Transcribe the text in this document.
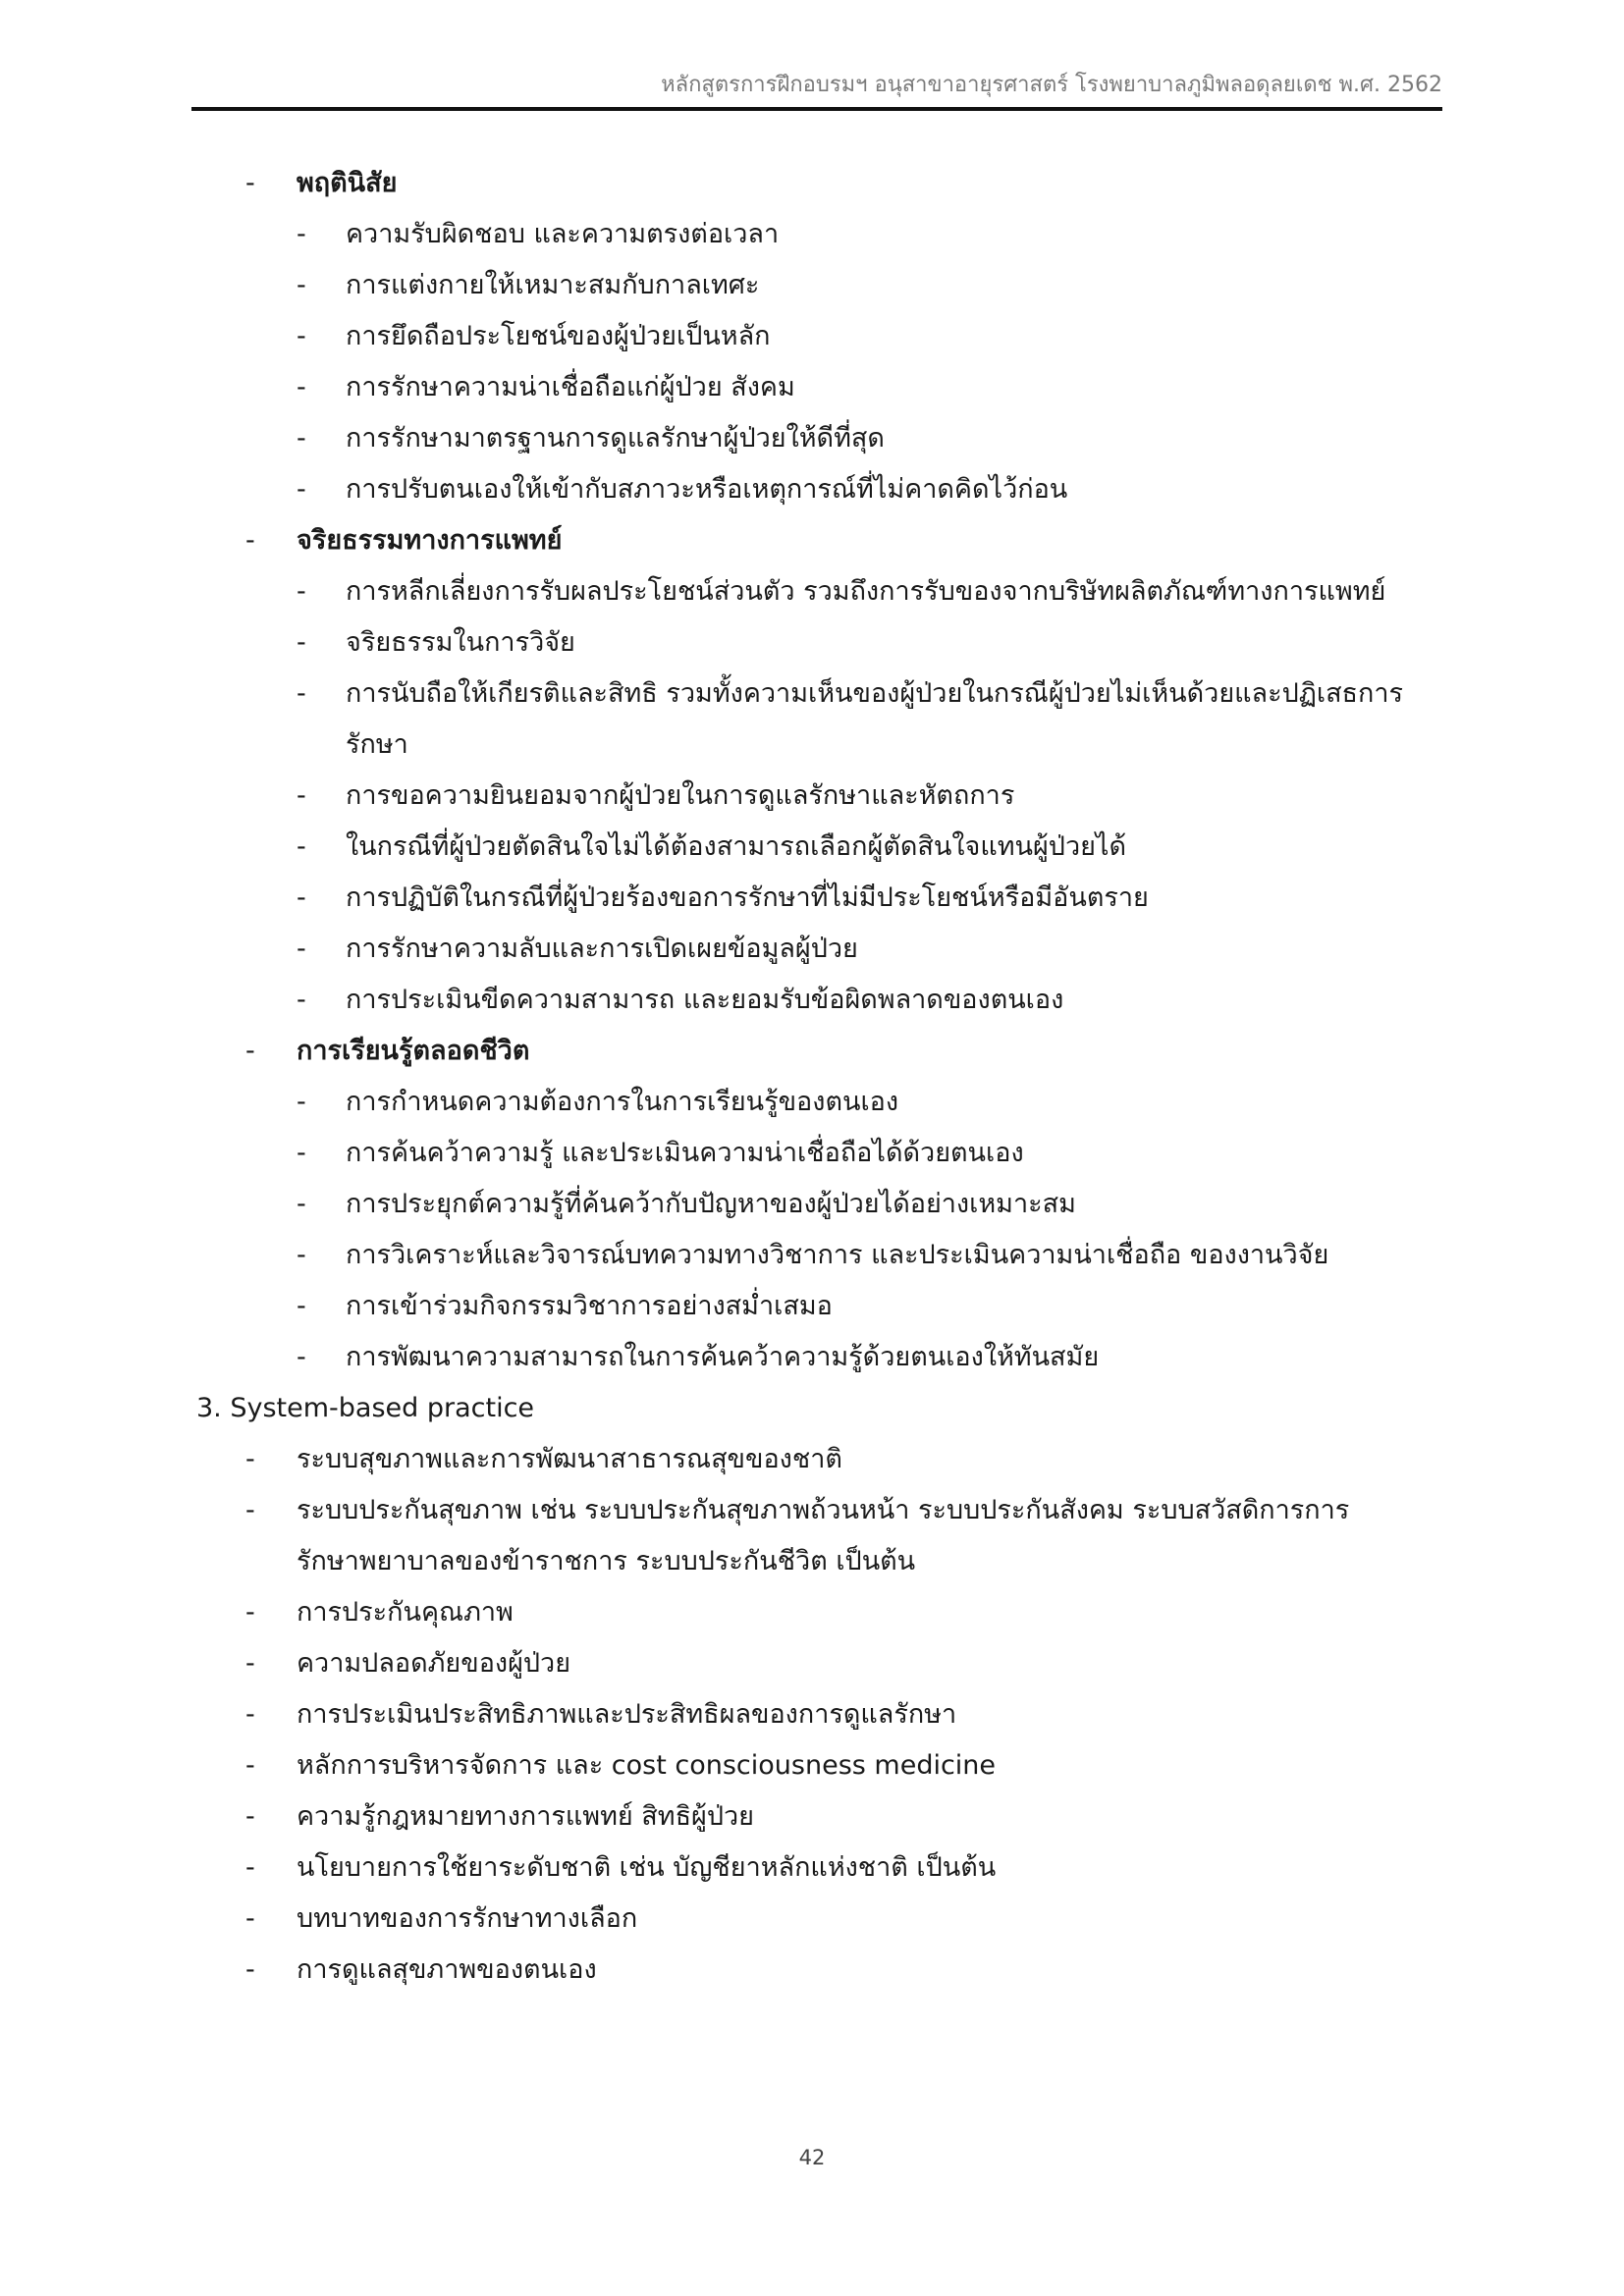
หลักสูตรการฝึกอบรมฯ อนุสาขาอายุรศาสตร์ โรงพยาบาลภูมิพลอดุลยเดช พ.ศ. 2562
-	พฤตินิสัย
-	ความรับผิดชอบ และความตรงต่อเวลา
-	การแต่งกายให้เหมาะสมกับกาลเทศะ
-	การยึดถือประโยชน์ของผู้ป่วยเป็นหลัก
-	การรักษาความน่าเชื่อถือแก่ผู้ป่วย สังคม
-	การรักษามาตรฐานการดูแลรักษาผู้ป่วยให้ดีที่สุด
-	การปรับตนเองให้เข้ากับสภาวะหรือเหตุการณ์ที่ไม่คาดคิดไว้ก่อน
-	จริยธรรมทางการแพทย์
-	การหลีกเลี่ยงการรับผลประโยชน์ส่วนตัว รวมถึงการรับของจากบริษัทผลิตภัณฑ์ทางการแพทย์
-	จริยธรรมในการวิจัย
-	การนับถือให้เกียรติและสิทธิ รวมทั้งความเห็นของผู้ป่วยในกรณีผู้ป่วยไม่เห็นด้วยและปฏิเสธการ
รักษา
-	การขอความยินยอมจากผู้ป่วยในการดูแลรักษาและหัตถการ
-	ในกรณีที่ผู้ป่วยตัดสินใจไม่ได้ต้องสามารถเลือกผู้ตัดสินใจแทนผู้ป่วยได้
-	การปฏิบัติในกรณีที่ผู้ป่วยร้องขอการรักษาที่ไม่มีประโยชน์หรือมีอันตราย
-	การรักษาความลับและการเปิดเผยข้อมูลผู้ป่วย
-	การประเมินขีดความสามารถ และยอมรับข้อผิดพลาดของตนเอง
-	การเรียนรู้ตลอดชีวิต
-	การกำหนดความต้องการในการเรียนรู้ของตนเอง
-	การค้นคว้าความรู้ และประเมินความน่าเชื่อถือได้ด้วยตนเอง
-	การประยุกต์ความรู้ที่ค้นคว้ากับปัญหาของผู้ป่วยได้อย่างเหมาะสม
-	การวิเคราะห์และวิจารณ์บทความทางวิชาการ และประเมินความน่าเชื่อถือ ของงานวิจัย
-	การเข้าร่วมกิจกรรมวิชาการอย่างสม่ำเสมอ
-	การพัฒนาความสามารถในการค้นคว้าความรู้ด้วยตนเองให้ทันสมัย
3. System-based practice
-	ระบบสุขภาพและการพัฒนาสาธารณสุขของชาติ
-	ระบบประกันสุขภาพ เช่น ระบบประกันสุขภาพถ้วนหน้า ระบบประกันสังคม ระบบสวัสดิการการ
รักษาพยาบาลของข้าราชการ ระบบประกันชีวิต เป็นต้น
-	การประกันคุณภาพ
-	ความปลอดภัยของผู้ป่วย
-	การประเมินประสิทธิภาพและประสิทธิผลของการดูแลรักษา
-	หลักการบริหารจัดการ และ cost consciousness medicine
-	ความรู้กฎหมายทางการแพทย์ สิทธิผู้ป่วย
-	นโยบายการใช้ยาระดับชาติ เช่น บัญชียาหลักแห่งชาติ เป็นต้น
-	บทบาทของการรักษาทางเลือก
-	การดูแลสุขภาพของตนเอง
42
